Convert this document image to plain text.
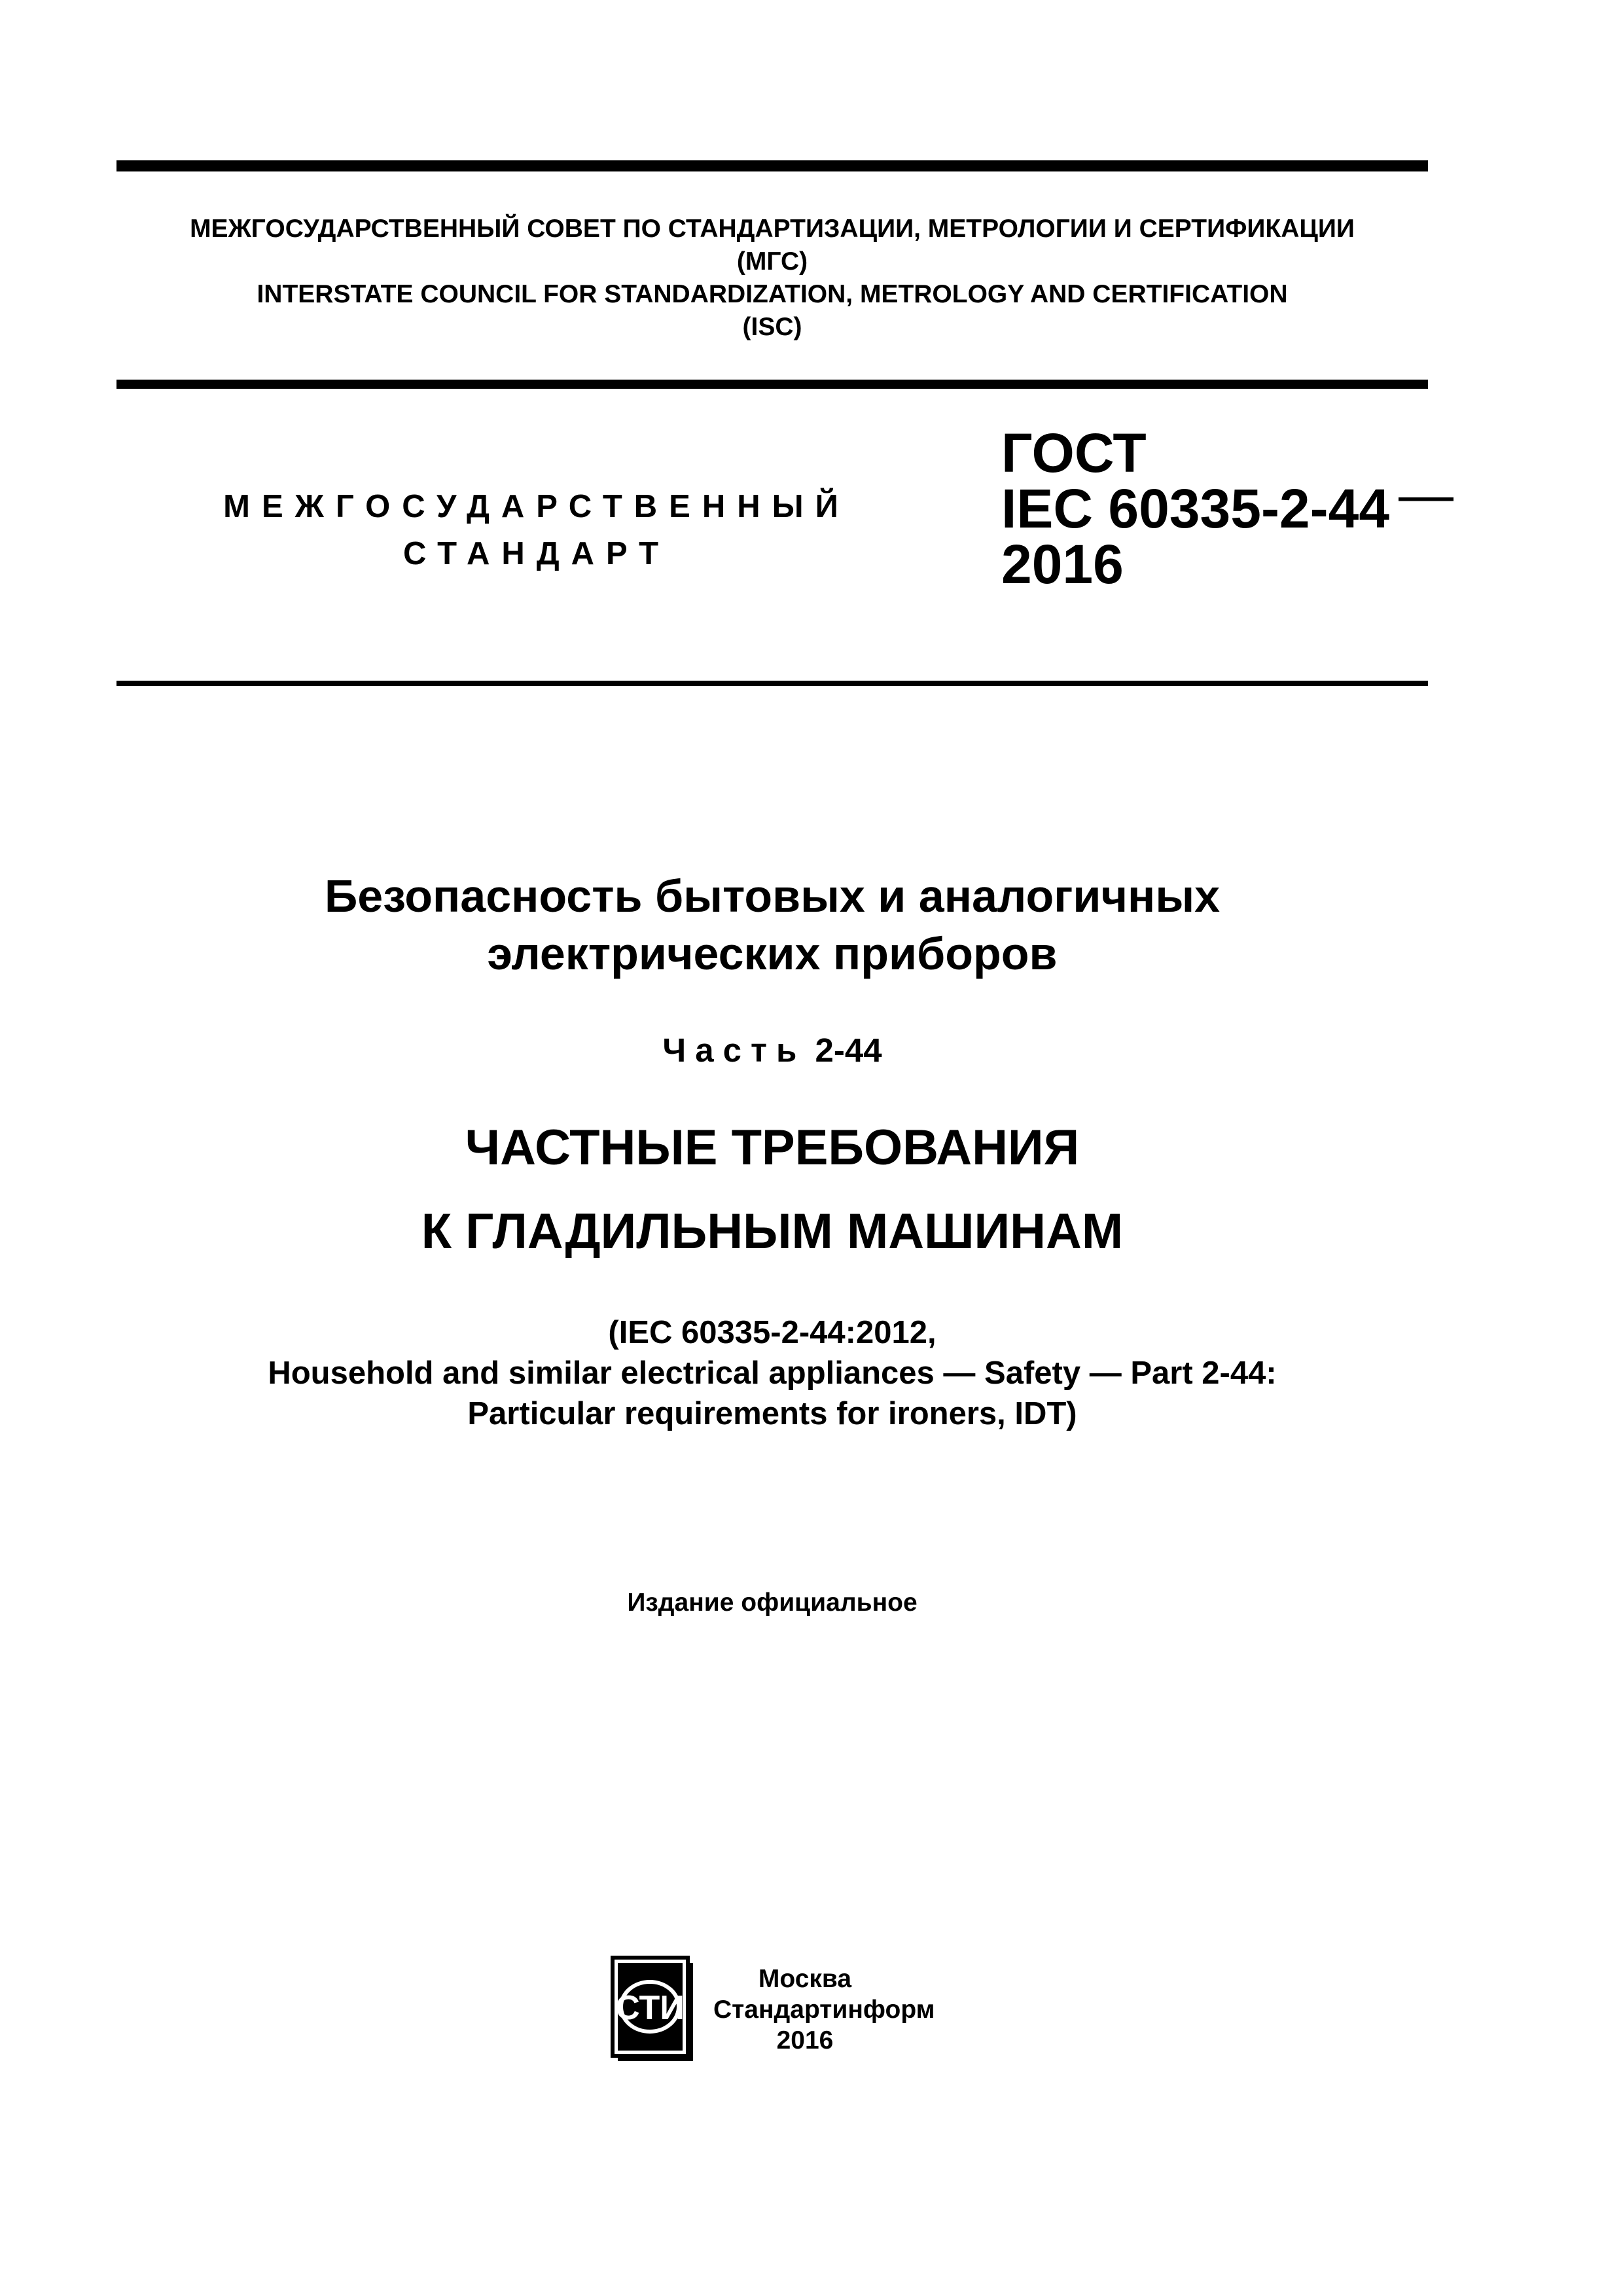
МЕЖГОСУДАРСТВЕННЫЙ СОВЕТ ПО СТАНДАРТИЗАЦИИ, МЕТРОЛОГИИ И СЕРТИФИКАЦИИ
(МГС)
INTERSTATE COUNCIL FOR STANDARDIZATION, METROLOGY AND CERTIFICATION
(ISC)
МЕЖГОСУДАРСТВЕННЫЙ
СТАНДАРТ
ГОСТ
IEC 60335-2-44 —
2016
Безопасность бытовых и аналогичных
электрических приборов
Часть 2-44
ЧАСТНЫЕ ТРЕБОВАНИЯ
К ГЛАДИЛЬНЫМ МАШИНАМ
(IEC 60335-2-44:2012,
Household and similar electrical appliances — Safety — Part 2-44:
Particular requirements for ironers, IDT)
Издание официальное
СТИ
Москва
Стандартинформ
2016
